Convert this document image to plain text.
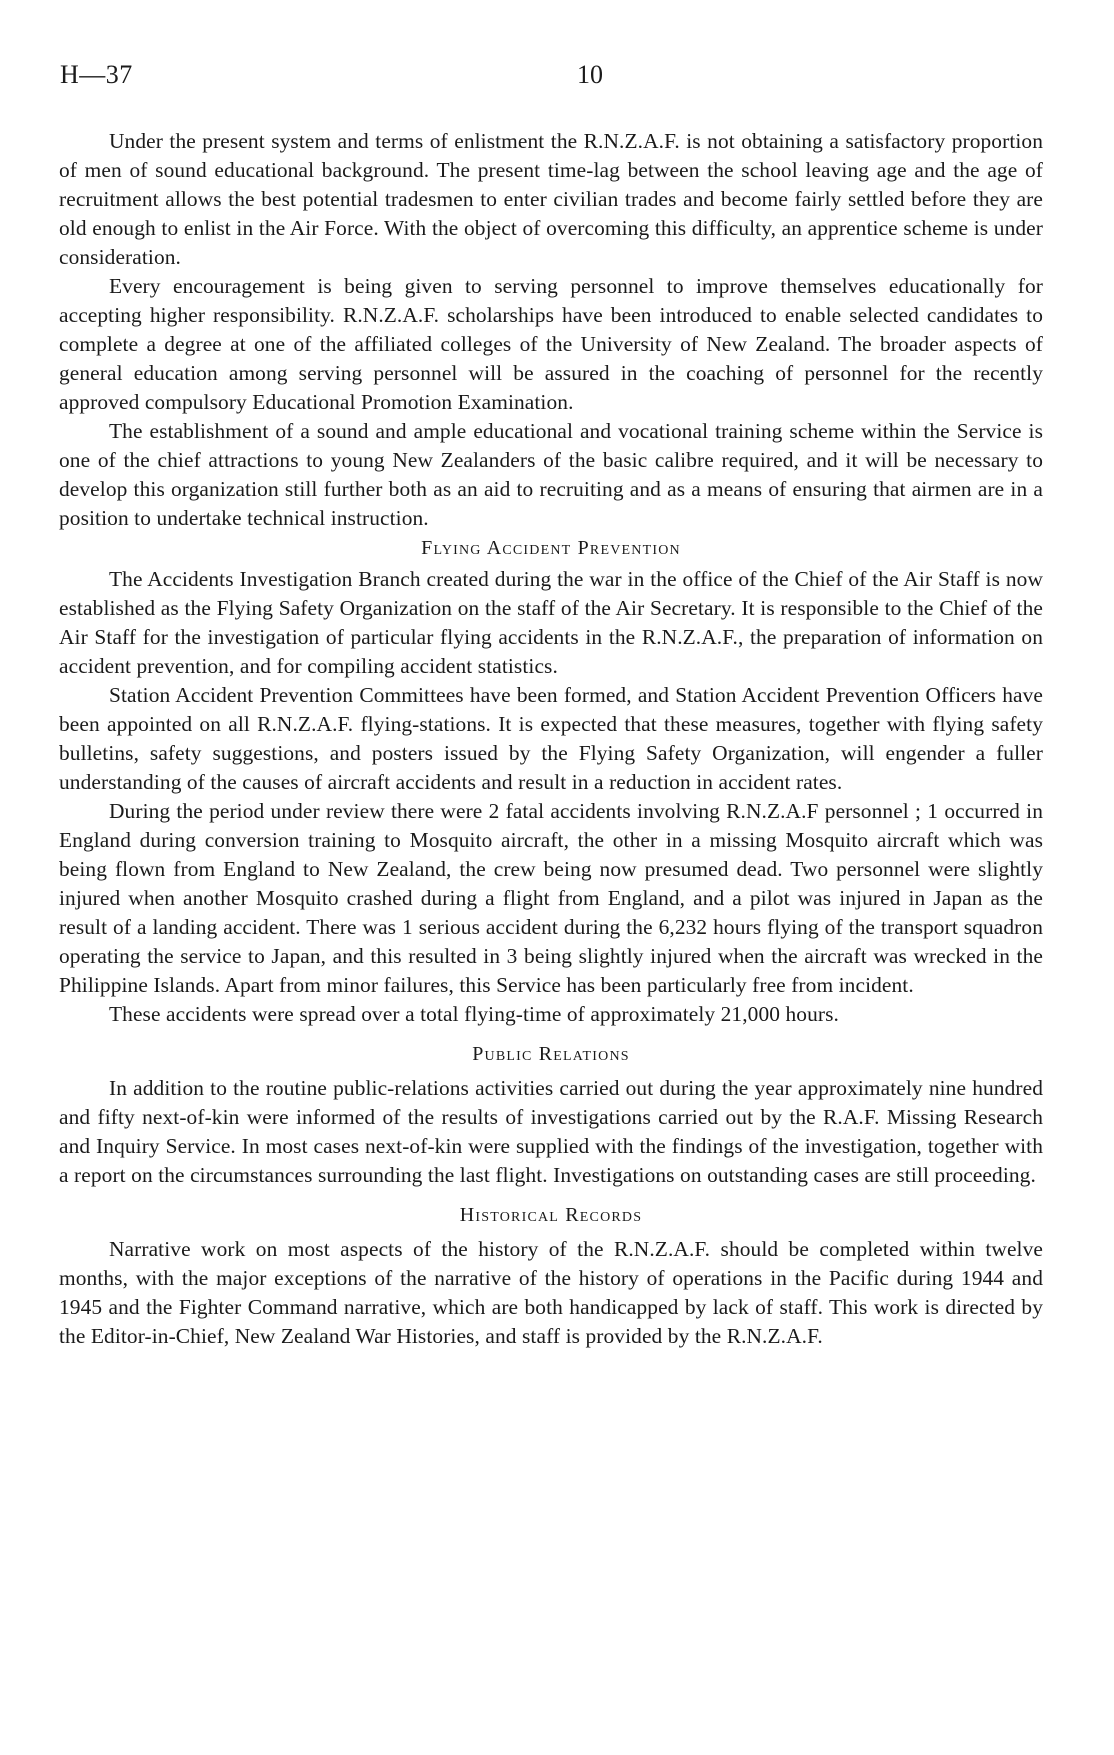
H—37	10

Under the present system and terms of enlistment the R.N.Z.A.F. is not obtaining a satisfactory proportion of men of sound educational background. The present time-lag between the school leaving age and the age of recruitment allows the best potential tradesmen to enter civilian trades and become fairly settled before they are old enough to enlist in the Air Force. With the object of overcoming this difficulty, an apprentice scheme is under consideration.

Every encouragement is being given to serving personnel to improve themselves educationally for accepting higher responsibility. R.N.Z.A.F. scholarships have been introduced to enable selected candidates to complete a degree at one of the affiliated colleges of the University of New Zealand. The broader aspects of general education among serving personnel will be assured in the coaching of personnel for the recently approved compulsory Educational Promotion Examination.

The establishment of a sound and ample educational and vocational training scheme within the Service is one of the chief attractions to young New Zealanders of the basic calibre required, and it will be necessary to develop this organization still further both as an aid to recruiting and as a means of ensuring that airmen are in a position to undertake technical instruction.

Flying Accident Prevention

The Accidents Investigation Branch created during the war in the office of the Chief of the Air Staff is now established as the Flying Safety Organization on the staff of the Air Secretary. It is responsible to the Chief of the Air Staff for the investigation of particular flying accidents in the R.N.Z.A.F., the preparation of information on accident prevention, and for compiling accident statistics.

Station Accident Prevention Committees have been formed, and Station Accident Prevention Officers have been appointed on all R.N.Z.A.F. flying-stations. It is expected that these measures, together with flying safety bulletins, safety suggestions, and posters issued by the Flying Safety Organization, will engender a fuller understanding of the causes of aircraft accidents and result in a reduction in accident rates.

During the period under review there were 2 fatal accidents involving R.N.Z.A.F personnel ; 1 occurred in England during conversion training to Mosquito aircraft, the other in a missing Mosquito aircraft which was being flown from England to New Zealand, the crew being now presumed dead. Two personnel were slightly injured when another Mosquito crashed during a flight from England, and a pilot was injured in Japan as the result of a landing accident. There was 1 serious accident during the 6,232 hours flying of the transport squadron operating the service to Japan, and this resulted in 3 being slightly injured when the aircraft was wrecked in the Philippine Islands. Apart from minor failures, this Service has been particularly free from incident.

These accidents were spread over a total flying-time of approximately 21,000 hours.

Public Relations

In addition to the routine public-relations activities carried out during the year approximately nine hundred and fifty next-of-kin were informed of the results of investigations carried out by the R.A.F. Missing Research and Inquiry Service. In most cases next-of-kin were supplied with the findings of the investigation, together with a report on the circumstances surrounding the last flight. Investigations on outstanding cases are still proceeding.

Historical Records

Narrative work on most aspects of the history of the R.N.Z.A.F. should be completed within twelve months, with the major exceptions of the narrative of the history of operations in the Pacific during 1944 and 1945 and the Fighter Command narrative, which are both handicapped by lack of staff. This work is directed by the Editor-in-Chief, New Zealand War Histories, and staff is provided by the R.N.Z.A.F.
